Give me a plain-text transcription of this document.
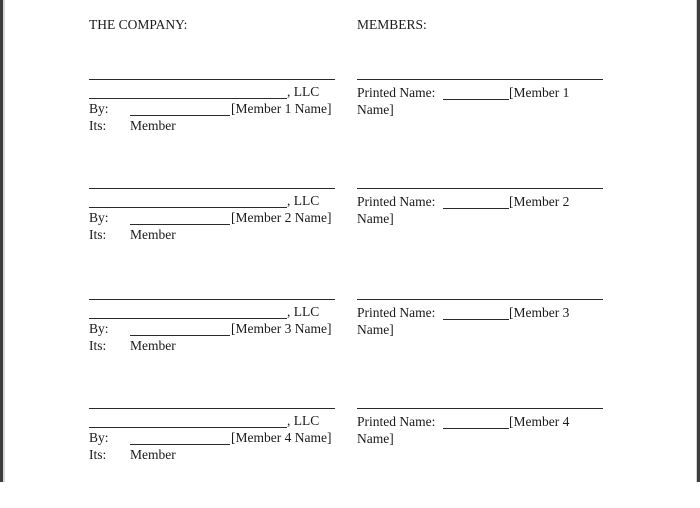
THE COMPANY:	MEMBERS:
, LLC
By:	[Member 1 Name]
Its: Member
Printed Name:	[Member 1
Name]
, LLC
By:	[Member 2 Name]
Its: Member
Printed Name:	[Member 2
Name]
, LLC
By:	[Member 3 Name]
Its: Member
Printed Name:	[Member 3
Name]
, LLC
By:	[Member 4 Name]
Its: Member
Printed Name:	[Member 4
Name]
